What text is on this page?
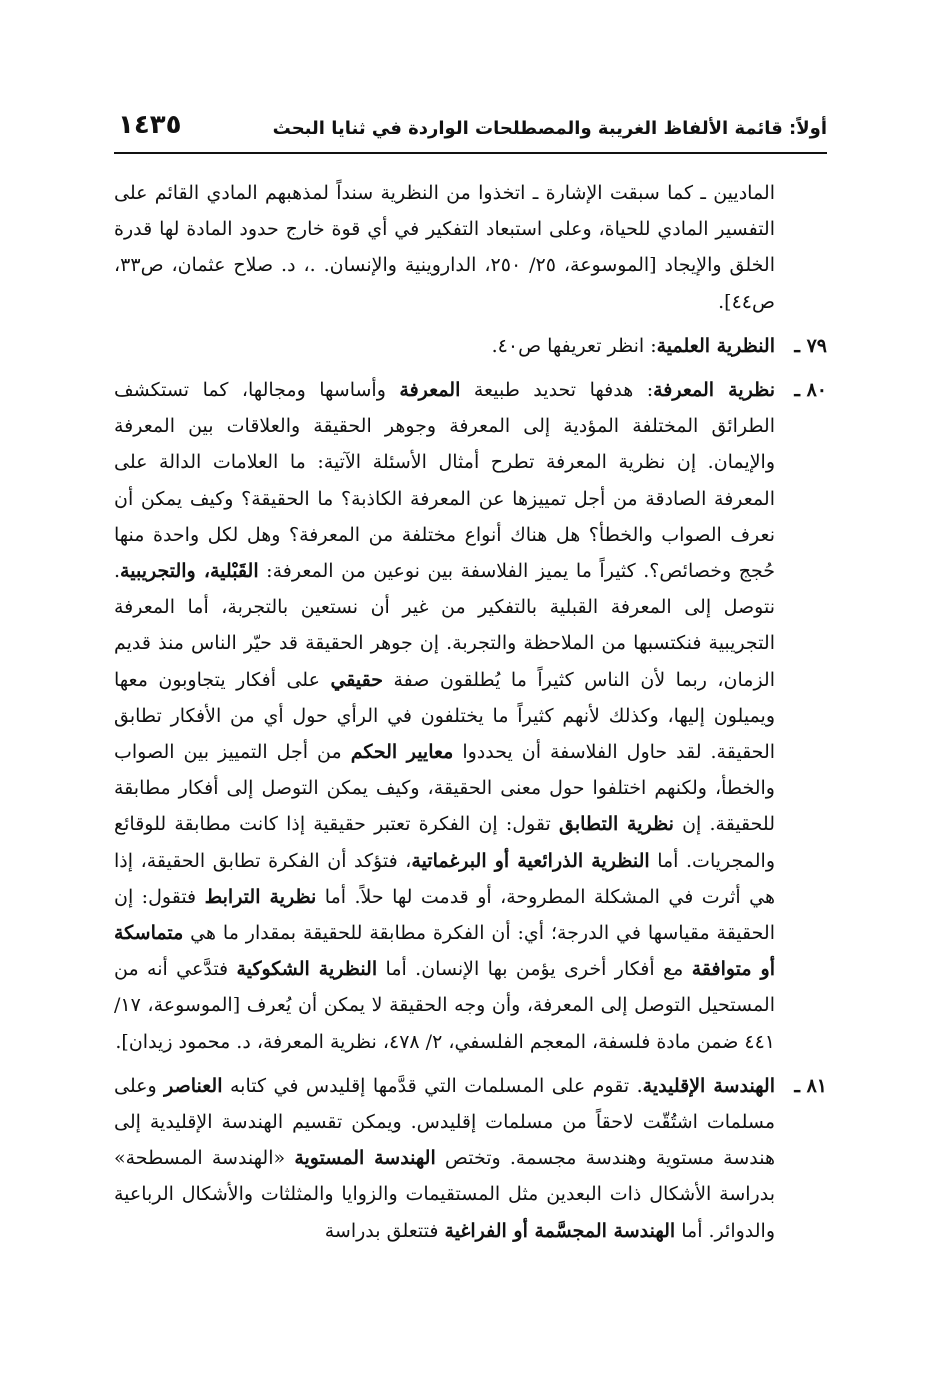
أولاً: قائمة الألفاظ الغريبة والمصطلحات الواردة في ثنايا البحث
١٤٣٥

الماديين ـ كما سبقت الإشارة ـ اتخذوا من النظرية سنداً لمذهبهم المادي القائم على التفسير المادي للحياة، وعلى استبعاد التفكير في أي قوة خارج حدود المادة لها قدرة الخلق والإيجاد [الموسوعة، ٢٥/ ٢٥٠، الداروينية والإنسان. .، د. صلاح عثمان، ص٣٣، ص٤٤].

٧٩ ـ
النظرية العلمية: انظر تعريفها ص٤٠.

٨٠ ـ
نظرية المعرفة: هدفها تحديد طبيعة المعرفة وأساسها ومجالها، كما تستكشف الطرائق المختلفة المؤدية إلى المعرفة وجوهر الحقيقة والعلاقات بين المعرفة والإيمان. إن نظرية المعرفة تطرح أمثال الأسئلة الآتية: ما العلامات الدالة على المعرفة الصادقة من أجل تمييزها عن المعرفة الكاذبة؟ ما الحقيقة؟ وكيف يمكن أن نعرف الصواب والخطأ؟ هل هناك أنواع مختلفة من المعرفة؟ وهل لكل واحدة منها حُجج وخصائص؟. كثيراً ما يميز الفلاسفة بين نوعين من المعرفة: القَبْلية، والتجريبية. نتوصل إلى المعرفة القبلية بالتفكير من غير أن نستعين بالتجربة، أما المعرفة التجريبية فنكتسبها من الملاحظة والتجربة. إن جوهر الحقيقة قد حيّر الناس منذ قديم الزمان، ربما لأن الناس كثيراً ما يُطلقون صفة حقيقي على أفكار يتجاوبون معها ويميلون إليها، وكذلك لأنهم كثيراً ما يختلفون في الرأي حول أي من الأفكار تطابق الحقيقة. لقد حاول الفلاسفة أن يحددوا معايير الحكم من أجل التمييز بين الصواب والخطأ، ولكنهم اختلفوا حول معنى الحقيقة، وكيف يمكن التوصل إلى أفكار مطابقة للحقيقة. إن نظرية التطابق تقول: إن الفكرة تعتبر حقيقية إذا كانت مطابقة للوقائع والمجريات. أما النظرية الذرائعية أو البرغماتية، فتؤكد أن الفكرة تطابق الحقيقة، إذا هي أثرت في المشكلة المطروحة، أو قدمت لها حلاً. أما نظرية الترابط فتقول: إن الحقيقة مقياسها في الدرجة؛ أي: أن الفكرة مطابقة للحقيقة بمقدار ما هي متماسكة أو متوافقة مع أفكار أخرى يؤمن بها الإنسان. أما النظرية الشكوكية فتدَّعي أنه من المستحيل التوصل إلى المعرفة، وأن وجه الحقيقة لا يمكن أن يُعرف [الموسوعة، ١٧/ ٤٤١ ضمن مادة فلسفة، المعجم الفلسفي، ٢/ ٤٧٨، نظرية المعرفة، د. محمود زيدان].

٨١ ـ
الهندسة الإقليدية. تقوم على المسلمات التي قدَّمها إقليدس في كتابه العناصر وعلى مسلمات اشتُقّت لاحقاً من مسلمات إقليدس. ويمكن تقسيم الهندسة الإقليدية إلى هندسة مستوية وهندسة مجسمة. وتختص الهندسة المستوية «الهندسة المسطحة» بدراسة الأشكال ذات البعدين مثل المستقيمات والزوايا والمثلثات والأشكال الرباعية والدوائر. أما الهندسة المجسَّمة أو الفراغية فتتعلق بدراسة
